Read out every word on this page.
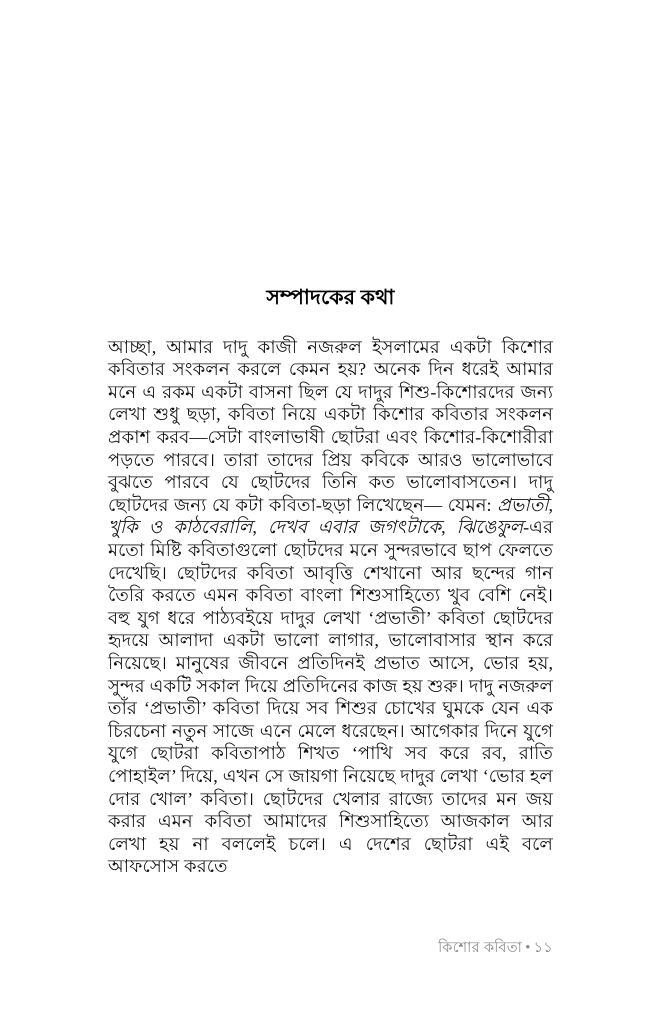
সম্পাদকের কথা

আচ্ছা, আমার দাদু কাজী নজরুল ইসলামের একটা কিশোর কবিতার সংকলন করলে কেমন হয়? অনেক দিন ধরেই আমার মনে এ রকম একটা বাসনা ছিল যে দাদুর শিশু-কিশোরদের জন্য লেখা শুধু ছড়া, কবিতা নিয়ে একটা কিশোর কবিতার সংকলন প্রকাশ করব—সেটা বাংলাভাষী ছোটরা এবং কিশোর-কিশোরীরা পড়তে পারবে। তারা তাদের প্রিয় কবিকে আরও ভালোভাবে বুঝতে পারবে যে ছোটদের তিনি কত ভালোবাসতেন। দাদু ছোটদের জন্য যে কটা কবিতা-ছড়া লিখেছেন— যেমন: প্রভাতী, খুকি ও কাঠবেরালি, দেখব এবার জগৎটাকে, ঝিঙেফুল-এর মতো মিষ্টি কবিতাগুলো ছোটদের মনে সুন্দরভাবে ছাপ ফেলতে দেখেছি। ছোটদের কবিতা আবৃত্তি শেখানো আর ছন্দের গান তৈরি করতে এমন কবিতা বাংলা শিশুসাহিত্যে খুব বেশি নেই। বহু যুগ ধরে পাঠ্যবইয়ে দাদুর লেখা ‘প্রভাতী’ কবিতা ছোটদের হৃদয়ে আলাদা একটা ভালো লাগার, ভালোবাসার স্থান করে নিয়েছে। মানুষের জীবনে প্রতিদিনই প্রভাত আসে, ভোর হয়, সুন্দর একটি সকাল দিয়ে প্রতিদিনের কাজ হয় শুরু। দাদু নজরুল তাঁর ‘প্রভাতী’ কবিতা দিয়ে সব শিশুর চোখের ঘুমকে যেন এক চিরচেনা নতুন সাজে এনে মেলে ধরেছেন। আগেকার দিনে যুগে যুগে ছোটরা কবিতাপাঠ শিখত ‘পাখি সব করে রব, রাতি পোহাইল’ দিয়ে, এখন সে জায়গা নিয়েছে দাদুর লেখা ‘ভোর হল দোর খোল’ কবিতা। ছোটদের খেলার রাজ্যে তাদের মন জয় করার এমন কবিতা আমাদের শিশুসাহিত্যে আজকাল আর লেখা হয় না বললেই চলে। এ দেশের ছোটরা এই বলে আফসোস করতে

কিশোর কবিতা • ১১
